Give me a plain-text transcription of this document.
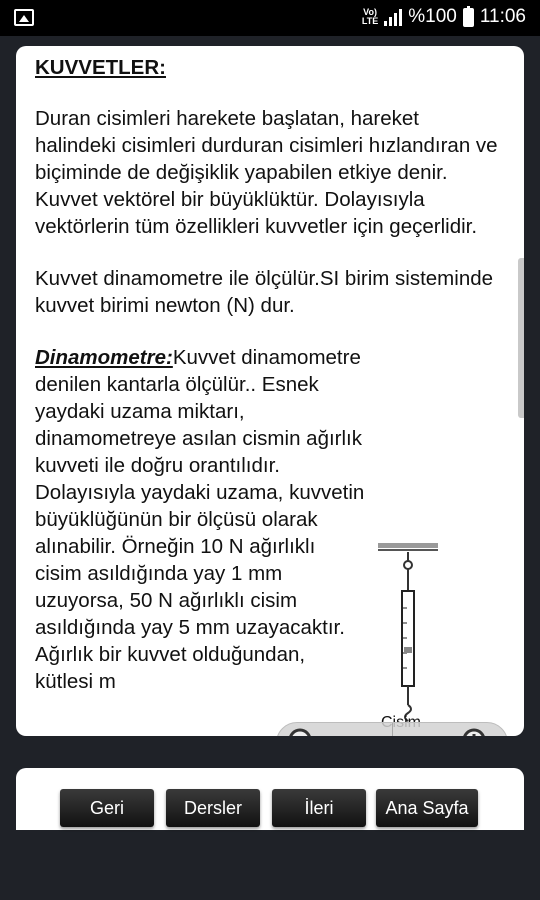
Vo)
LTE %100 11:06
KUVVETLER:
Duran cisimleri harekete başlatan, hareket halindeki cisimleri durduran cisimleri hızlandıran ve biçiminde de değişiklik yapabilen etkiye denir.
Kuvvet vektörel bir büyüklüktür. Dolayısıyla vektörlerin tüm özellikleri kuvvetler için geçerlidir.
Kuvvet dinamometre ile ölçülür.SI birim sisteminde kuvvet birimi newton (N) dur.
Dinamometre:Kuvvet dinamometre denilen kantarla ölçülür.. Esnek yaydaki uzama miktarı, dinamometreye asılan cismin ağırlık kuvveti ile doğru orantılıdır. Dolayısıyla yaydaki uzama, kuvvetin büyüklüğünün bir ölçüsü olarak alınabilir. Örneğin 10 N ağırlıklı cisim asıldığında yay 1 mm uzuyorsa, 50 N ağırlıklı cisim asıldığında yay 5 mm uzayacaktır. Ağırlık bir kuvvet olduğundan, kütlesi m
Geri	Dersler	İleri	Ana Sayfa
